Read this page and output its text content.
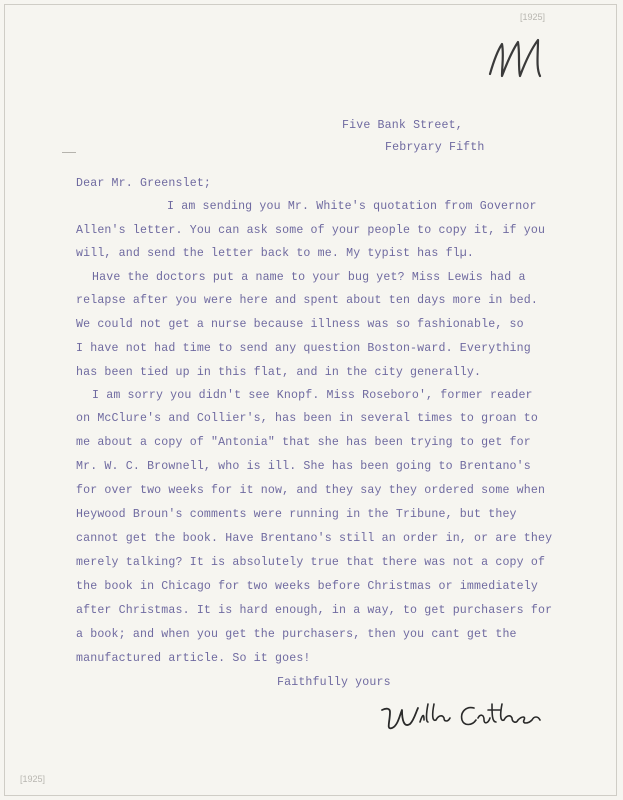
[1925]
Five Bank Street,
Febryary Fifth
Dear Mr. Greenslet;
I am sending you Mr. White's quotation from Governor
Allen's letter. You can ask some of your people to copy it, if you
will, and send the letter back to me. My typist has flµ.
Have the doctors put a name to your bug yet? Miss Lewis had a
relapse after you were here and spent about ten days more in bed.
We could not get a nurse because illness was so fashionable, so
I have not had time to send any question Boston-ward. Everything
has been tied up in this flat, and in the city generally.
I am sorry you didn't see Knopf. Miss Roseboro', former reader
on McClure's and Collier's, has been in several times to groan to
me about a copy of "Antonia" that she has been trying to get for
Mr. W. C. Brownell, who is ill. She has been going to Brentano's
for over two weeks for it now, and they say they ordered some when
Heywood Broun's comments were running in the Tribune, but they
cannot get the book. Have Brentano's still an order in, or are they
merely talking? It is absolutely true that there was not a copy of
the book in Chicago for two weeks before Christmas or immediately
after Christmas. It is hard enough, in a way, to get purchasers for
a book; and when you get the purchasers, then you cant get the
manufactured article. So it goes!
Faithfully yours
[1925]
